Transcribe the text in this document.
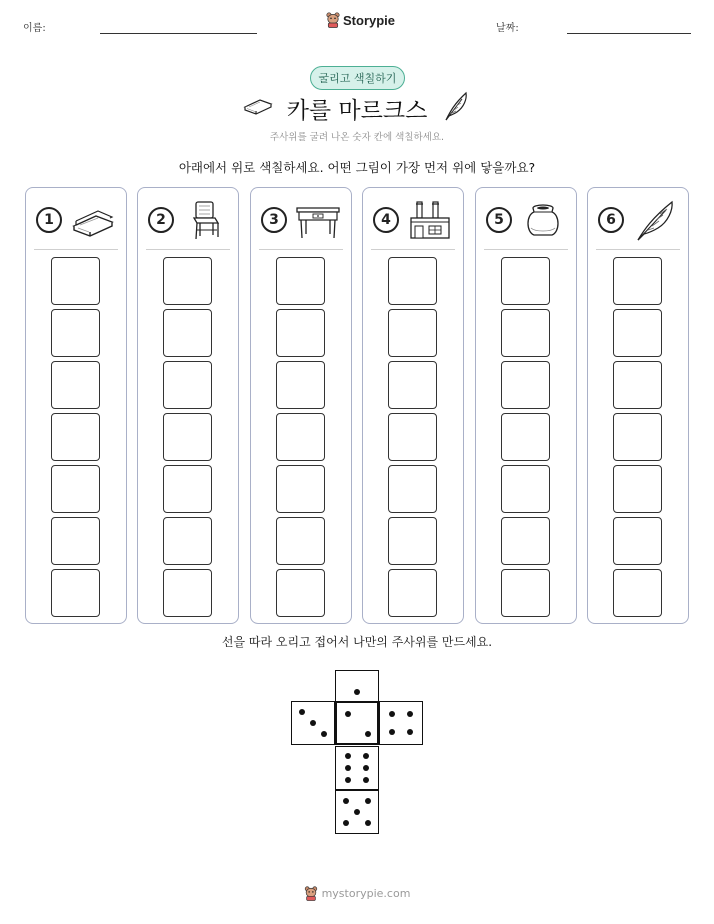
이름:
Storypie
날짜:
굴리고 색칠하기
카를 마르크스
주사위를 굴려 나온 숫자 칸에 색칠하세요.
아래에서 위로 색칠하세요. 어떤 그림이 가장 먼저 위에 닿을까요?
1	2	3	4	5	6
선을 따라 오리고 접어서 나만의 주사위를 만드세요.
mystorypie.com
